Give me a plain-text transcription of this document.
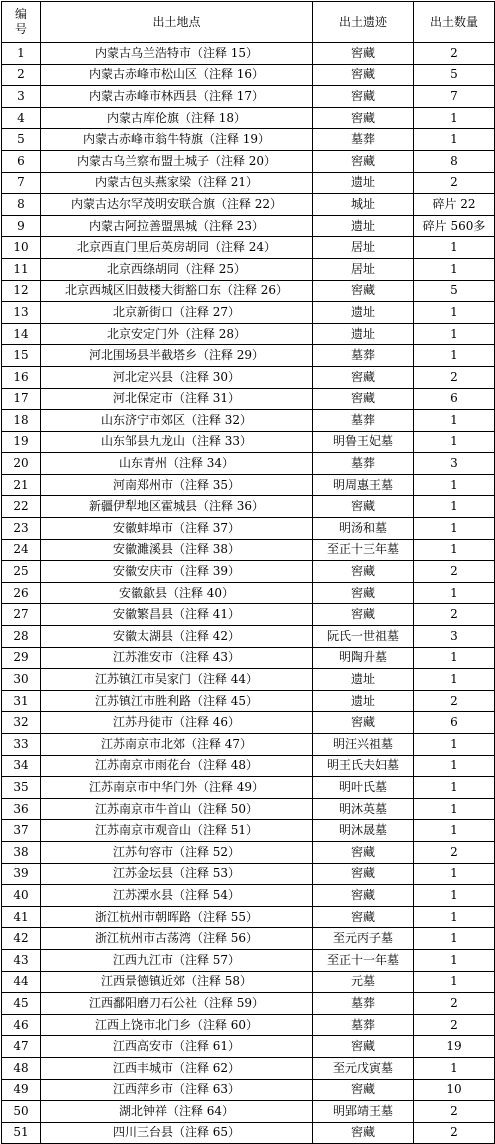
编号	出土地点	出土遗迹	出土数量
1	内蒙古乌兰浩特市（注释 15）	窖藏	2
2	内蒙古赤峰市松山区（注释 16）	窖藏	5
3	内蒙古赤峰市林西县（注释 17）	窖藏	7
4	内蒙古库伦旗（注释 18）	窖藏	1
5	内蒙古赤峰市翁牛特旗（注释 19）	墓葬	1
6	内蒙古乌兰察布盟土城子（注释 20）	窖藏	8
7	内蒙古包头燕家梁（注释 21）	遗址	2
8	内蒙古达尔罕茂明安联合旗（注释 22）	城址	碎片 22
9	内蒙古阿拉善盟黑城（注释 23）	遗址	碎片 560多
10	北京西直门里后英房胡同（注释 24）	居址	1
11	北京西绦胡同（注释 25）	居址	1
12	北京西城区旧鼓楼大街豁口东（注释 26）	窖藏	5
13	北京新街口（注释 27）	遗址	1
14	北京安定门外（注释 28）	遗址	1
15	河北围场县半截塔乡（注释 29）	墓葬	1
16	河北定兴县（注释 30）	窖藏	2
17	河北保定市（注释 31）	窖藏	6
18	山东济宁市郊区（注释 32）	墓葬	1
19	山东邹县九龙山（注释 33）	明鲁王妃墓	1
20	山东青州（注释 34）	墓葬	3
21	河南郑州市（注释 35）	明周惠王墓	1
22	新疆伊犁地区霍城县（注释 36）	窖藏	1
23	安徽蚌埠市（注释 37）	明汤和墓	1
24	安徽濉溪县（注释 38）	至正十三年墓	1
25	安徽安庆市（注释 39）	窖藏	2
26	安徽歙县（注释 40）	窖藏	1
27	安徽繁昌县（注释 41）	窖藏	2
28	安徽太湖县（注释 42）	阮氏一世祖墓	3
29	江苏淮安市（注释 43）	明陶升墓	1
30	江苏镇江市吴家门（注释 44）	遗址	1
31	江苏镇江市胜利路（注释 45）	遗址	2
32	江苏丹徒市（注释 46）	窖藏	6
33	江苏南京市北郊（注释 47）	明汪兴祖墓	1
34	江苏南京市雨花台（注释 48）	明王氏夫妇墓	1
35	江苏南京市中华门外（注释 49）	明叶氏墓	1
36	江苏南京市牛首山（注释 50）	明沐英墓	1
37	江苏南京市观音山（注释 51）	明沐晟墓	1
38	江苏句容市（注释 52）	窖藏	2
39	江苏金坛县（注释 53）	窖藏	1
40	江苏溧水县（注释 54）	窖藏	1
41	浙江杭州市朝晖路（注释 55）	窖藏	1
42	浙江杭州市古荡湾（注释 56）	至元丙子墓	1
43	江西九江市（注释 57）	至正十一年墓	1
44	江西景德镇近郊（注释 58）	元墓	1
45	江西鄱阳磨刀石公社（注释 59）	墓葬	2
46	江西上饶市北门乡（注释 60）	墓葬	2
47	江西高安市（注释 61）	窖藏	19
48	江西丰城市（注释 62）	至元戊寅墓	1
49	江西萍乡市（注释 63）	窖藏	10
50	湖北钟祥（注释 64）	明郢靖王墓	2
51	四川三台县（注释 65）	窖藏	2
